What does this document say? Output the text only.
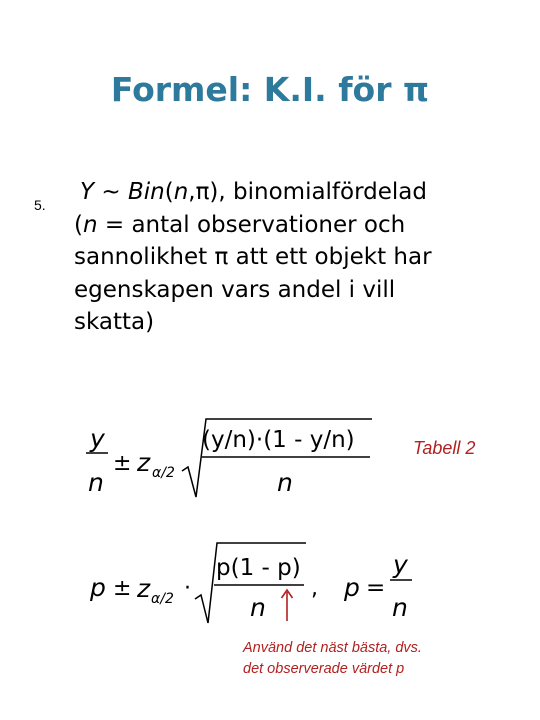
Formel: K.I. för π
5. Y ∼ Bin(n,π), binomialfördelad
(n = antal observationer och
sannolikhet π att ett objekt har
egenskapen vars andel i vill
skatta)
y
n
± z α/2
(y/n)·(1 - y/n)
n
Tabell 2
p ± z α/2 ·
p(1 - p)
n
, p =
y
n
Använd det näst bästa, dvs.
det observerade värdet p
